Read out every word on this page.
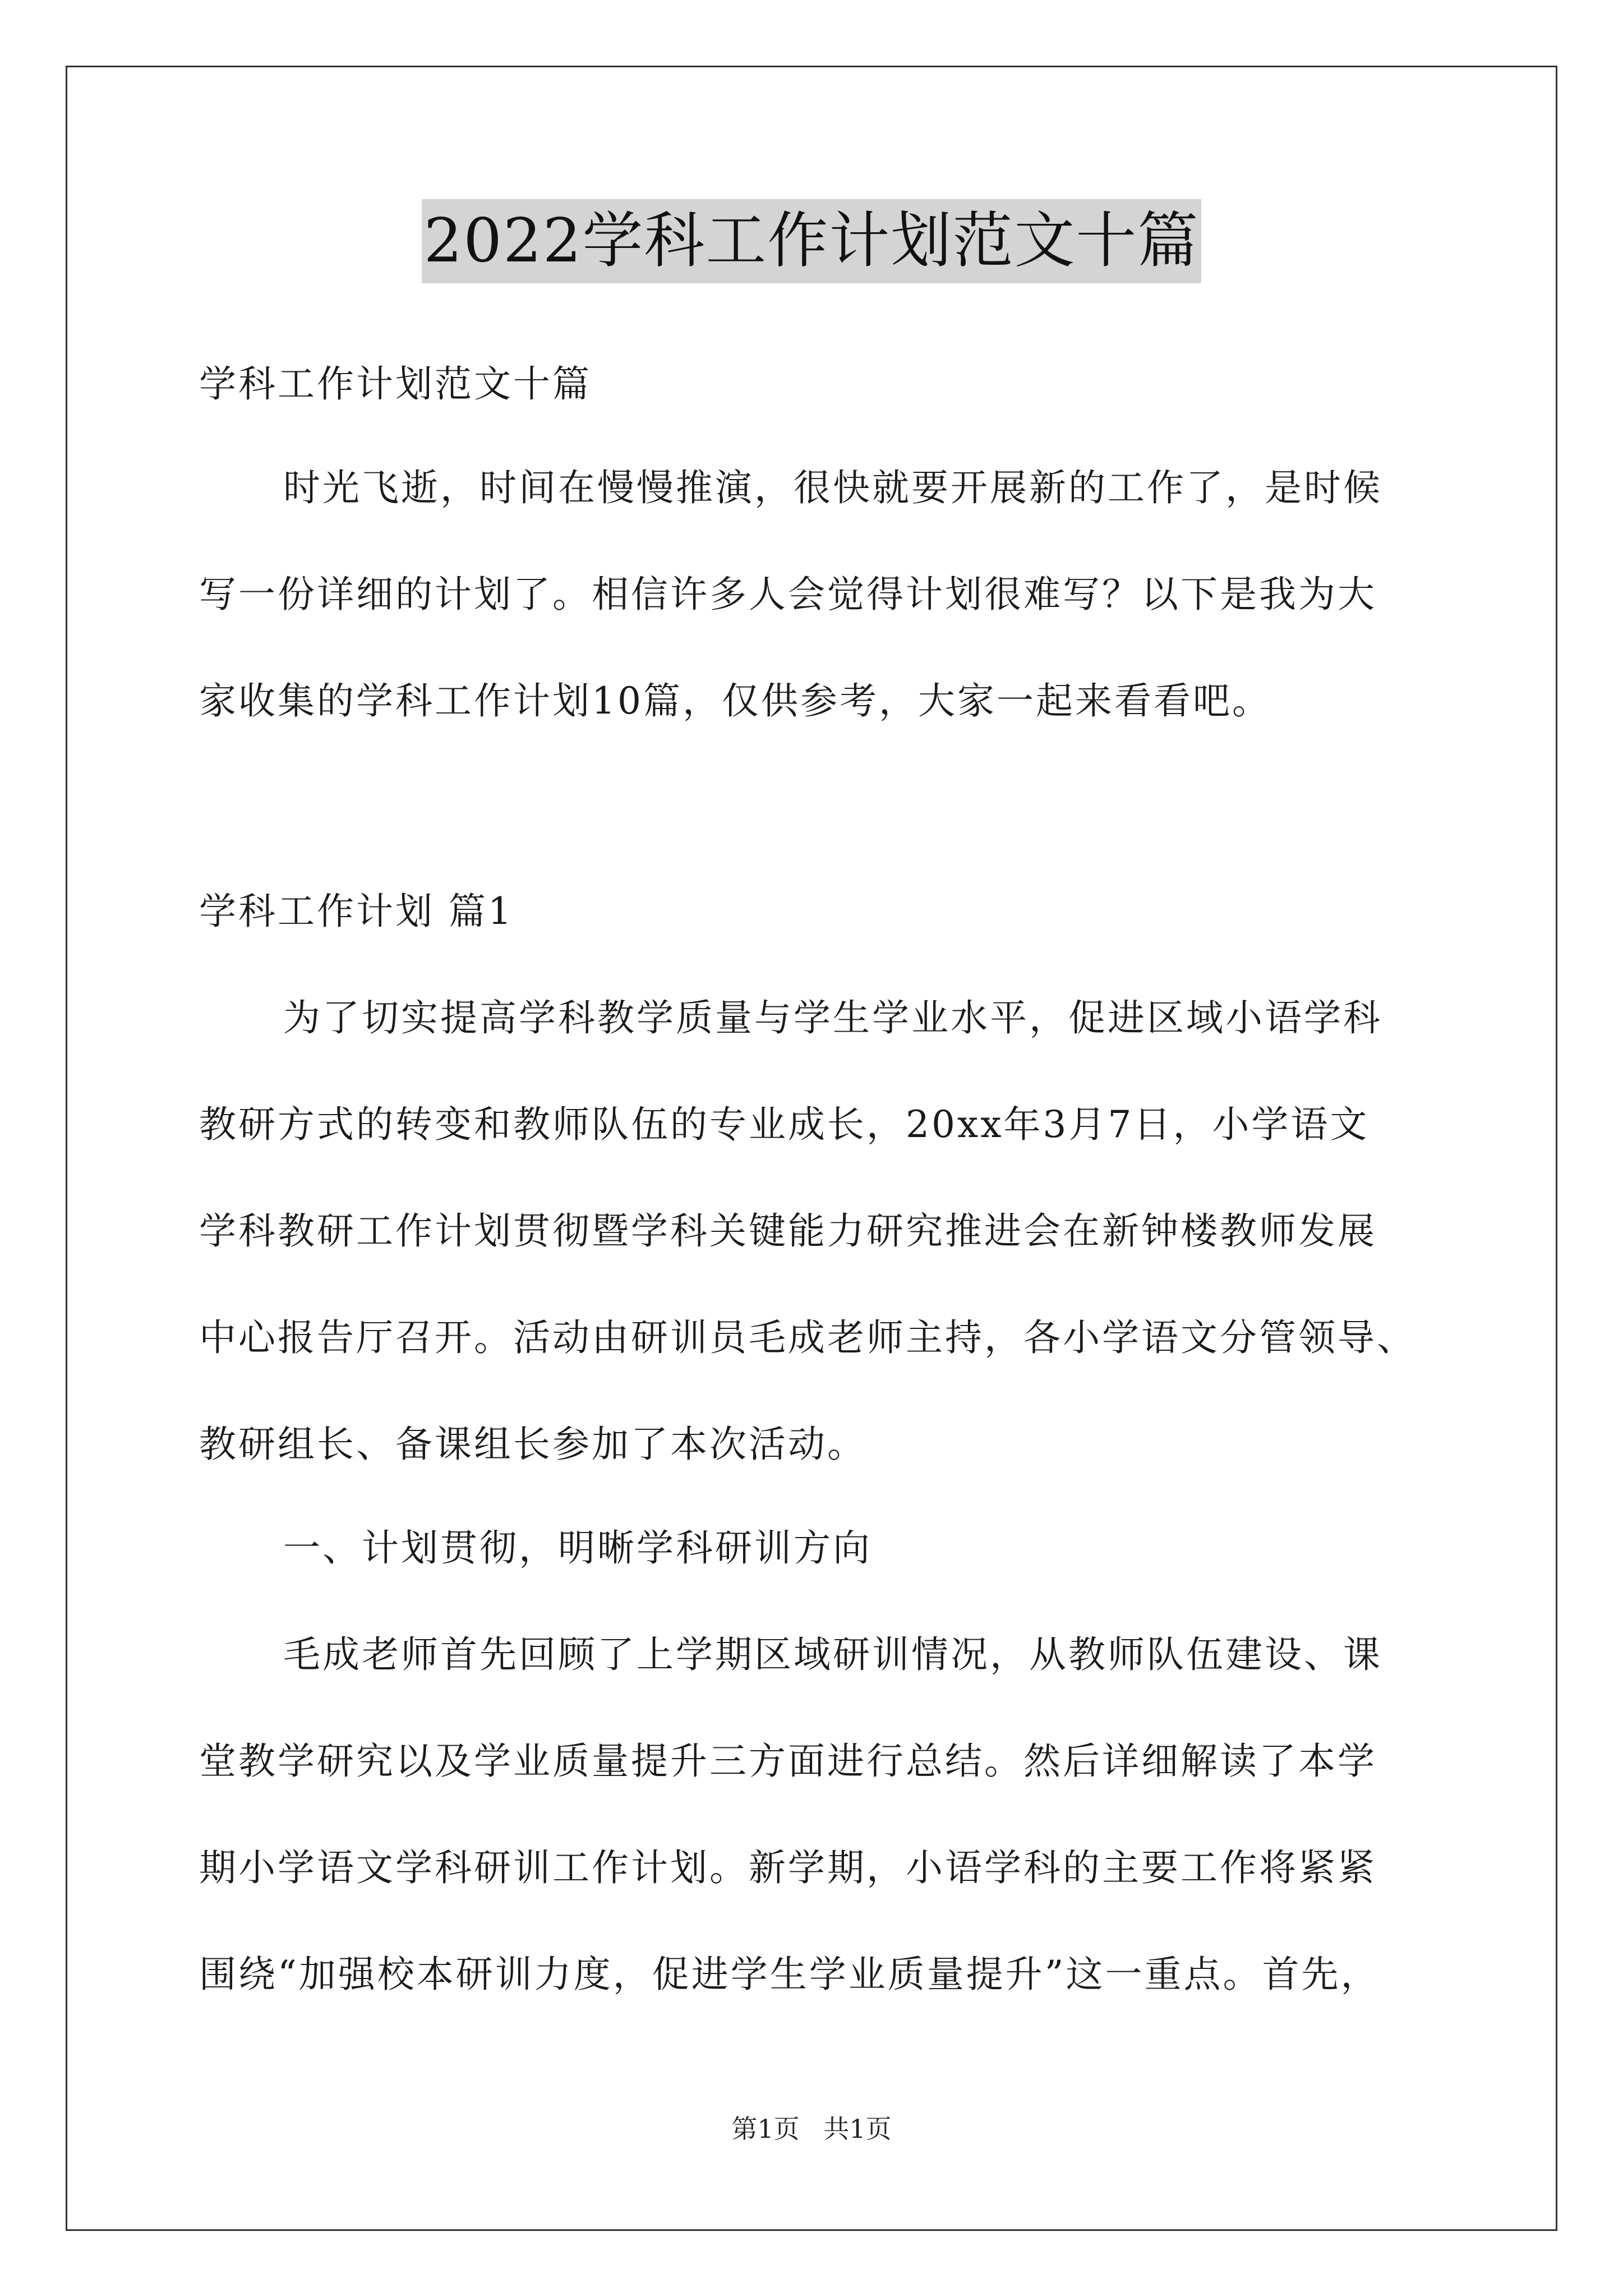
2022学科工作计划范文十篇
学科工作计划范文十篇
时光飞逝，时间在慢慢推演，很快就要开展新的工作了，是时候
写一份详细的计划了。相信许多人会觉得计划很难写？以下是我为大
家收集的学科工作计划10篇，仅供参考，大家一起来看看吧。
学科工作计划 篇1
为了切实提高学科教学质量与学生学业水平，促进区域小语学科
教研方式的转变和教师队伍的专业成长，20xx年3月7日，小学语文
学科教研工作计划贯彻暨学科关键能力研究推进会在新钟楼教师发展
中心报告厅召开。活动由研训员毛成老师主持，各小学语文分管领导、
教研组长、备课组长参加了本次活动。
一、计划贯彻，明晰学科研训方向
毛成老师首先回顾了上学期区域研训情况，从教师队伍建设、课
堂教学研究以及学业质量提升三方面进行总结。然后详细解读了本学
期小学语文学科研训工作计划。新学期，小语学科的主要工作将紧紧
围绕“加强校本研训力度，促进学生学业质量提升”这一重点。首先，
第1页 共1页
